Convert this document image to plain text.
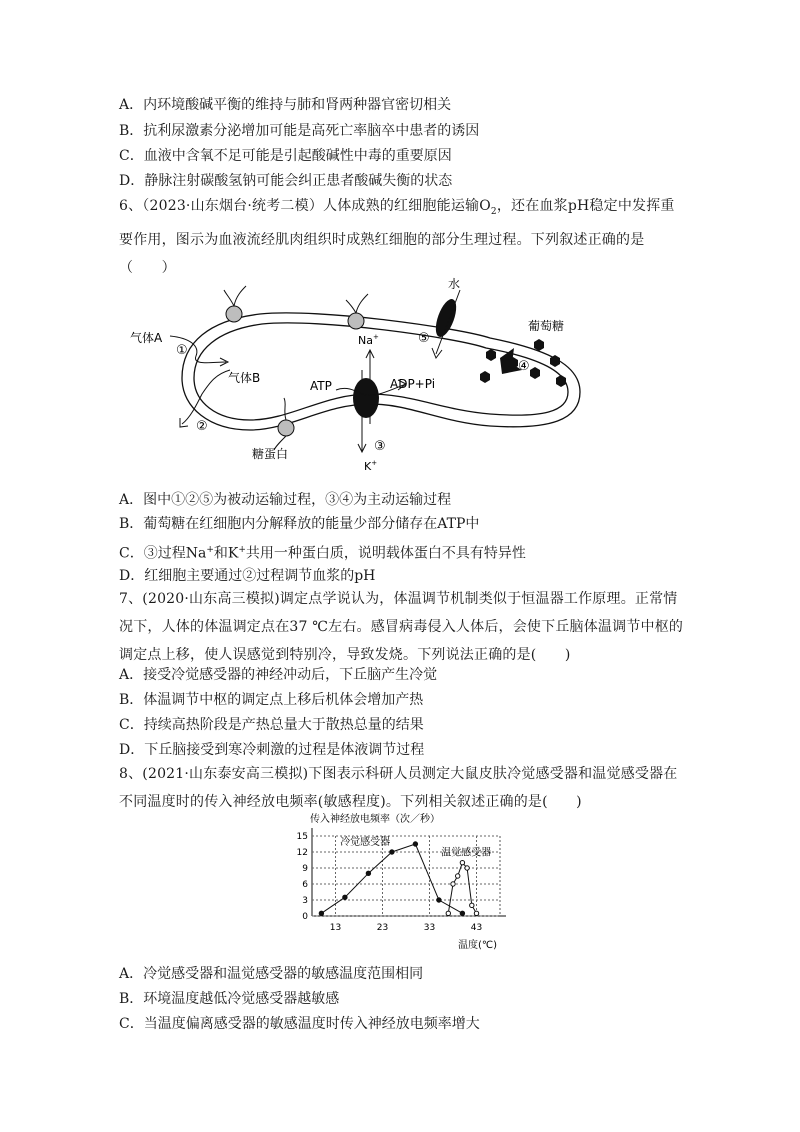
A．内环境酸碱平衡的维持与肺和肾两种器官密切相关
B．抗利尿激素分泌增加可能是高死亡率脑卒中患者的诱因
C．血液中含氧不足可能是引起酸碱性中毒的重要原因
D．静脉注射碳酸氢钠可能会纠正患者酸碱失衡的状态
6、（2023·山东烟台·统考二模）人体成熟的红细胞能运输$O_2$，还在血浆pH稳定中发挥重要作用，图示为血液流经肌肉组织时成熟红细胞的部分生理过程。下列叙述正确的是（　　）
水
⑤
④
葡萄糖
气体A
①
气体B
②
Na+
K+
③
ATP	ADP+Pi
糖蛋白
A．图中①②⑤为被动运输过程，③④为主动运输过程
B．葡萄糖在红细胞内分解释放的能量少部分储存在ATP中
C．③过程Na+和K+共用一种蛋白质，说明载体蛋白不具有特异性
D．红细胞主要通过②过程调节血浆的pH
7、(2020·山东高三模拟)调定点学说认为，体温调节机制类似于恒温器工作原理。正常情况下，人体的体温调定点在37 ℃左右。感冒病毒侵入人体后，会使下丘脑体温调节中枢的调定点上移，使人误感觉到特别冷，导致发烧。下列说法正确的是(　　)
A．接受冷觉感受器的神经冲动后，下丘脑产生冷觉
B．体温调节中枢的调定点上移后机体会增加产热
C．持续高热阶段是产热总量大于散热总量的结果
D．下丘脑接受到寒冷刺激的过程是体液调节过程
8、(2021·山东泰安高三模拟)下图表示科研人员测定大鼠皮肤冷觉感受器和温觉感受器在不同温度时的传入神经放电频率(敏感程度)。下列相关叙述正确的是(　　)
传入神经放电频率（次／秒）
温度(℃)
0
3
6
9
12
15
13	23	33	43
冷觉感受器
温觉感受器
A．冷觉感受器和温觉感受器的敏感温度范围相同
B．环境温度越低冷觉感受器越敏感
C．当温度偏离感受器的敏感温度时传入神经放电频率增大
